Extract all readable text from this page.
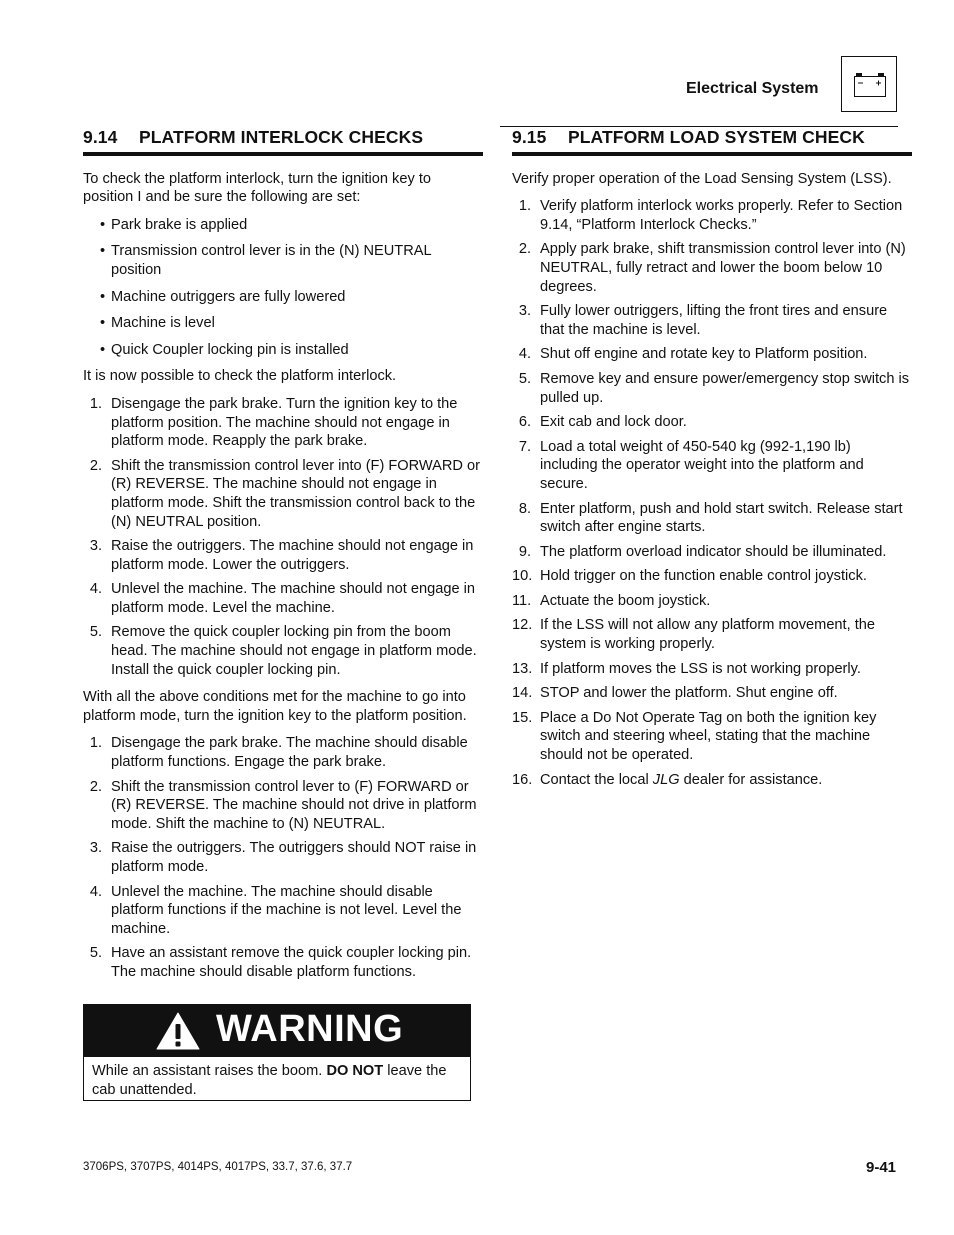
Electrical System
9.14 PLATFORM INTERLOCK CHECKS

To check the platform interlock, turn the ignition key to position I and be sure the following are set:

• Park brake is applied
• Transmission control lever is in the (N) NEUTRAL position
• Machine outriggers are fully lowered
• Machine is level
• Quick Coupler locking pin is installed

It is now possible to check the platform interlock.

1. Disengage the park brake. Turn the ignition key to the platform position. The machine should not engage in platform mode. Reapply the park brake.
2. Shift the transmission control lever into (F) FORWARD or (R) REVERSE. The machine should not engage in platform mode. Shift the transmission control back to the (N) NEUTRAL position.
3. Raise the outriggers. The machine should not engage in platform mode. Lower the outriggers.
4. Unlevel the machine. The machine should not engage in platform mode. Level the machine.
5. Remove the quick coupler locking pin from the boom head. The machine should not engage in platform mode. Install the quick coupler locking pin.

With all the above conditions met for the machine to go into platform mode, turn the ignition key to the platform position.

1. Disengage the park brake. The machine should disable platform functions. Engage the park brake.
2. Shift the transmission control lever to (F) FORWARD or (R) REVERSE. The machine should not drive in platform mode. Shift the machine to (N) NEUTRAL.
3. Raise the outriggers. The outriggers should NOT raise in platform mode.
4. Unlevel the machine. The machine should disable platform functions if the machine is not level. Level the machine.
5. Have an assistant remove the quick coupler locking pin. The machine should disable platform functions.
WARNING
While an assistant raises the boom. DO NOT leave the cab unattended.
9.15 PLATFORM LOAD SYSTEM CHECK

Verify proper operation of the Load Sensing System (LSS).

1. Verify platform interlock works properly. Refer to Section 9.14, “Platform Interlock Checks.”
2. Apply park brake, shift transmission control lever into (N) NEUTRAL, fully retract and lower the boom below 10 degrees.
3. Fully lower outriggers, lifting the front tires and ensure that the machine is level.
4. Shut off engine and rotate key to Platform position.
5. Remove key and ensure power/emergency stop switch is pulled up.
6. Exit cab and lock door.
7. Load a total weight of 450-540 kg (992-1,190 lb) including the operator weight into the platform and secure.
8. Enter platform, push and hold start switch. Release start switch after engine starts.
9. The platform overload indicator should be illuminated.
10. Hold trigger on the function enable control joystick.
11. Actuate the boom joystick.
12. If the LSS will not allow any platform movement, the system is working properly.
13. If platform moves the LSS is not working properly.
14. STOP and lower the platform. Shut engine off.
15. Place a Do Not Operate Tag on both the ignition key switch and steering wheel, stating that the machine should not be operated.
16. Contact the local JLG dealer for assistance.
3706PS, 3707PS, 4014PS, 4017PS, 33.7, 37.6, 37.7	9-41
